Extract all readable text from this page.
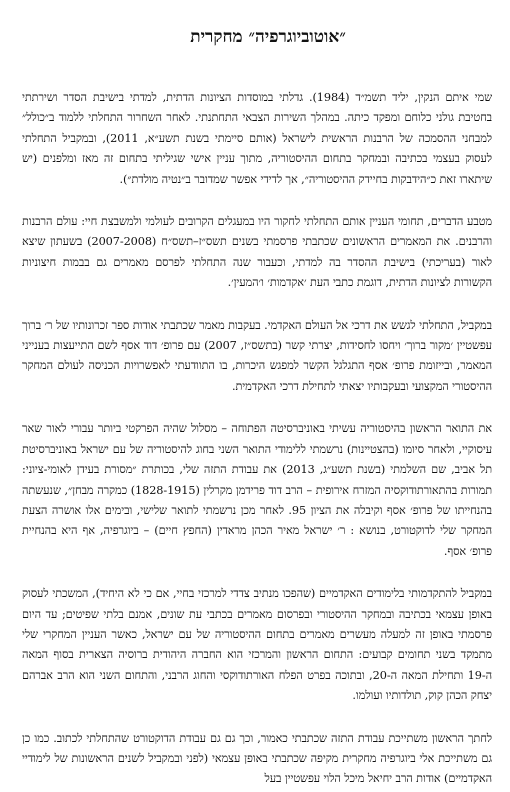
״אוטוביוגרפיה״ מחקרית

שמי איתם הנקין, יליד תשמ״ד (1984). גדלתי במוסדות הציונות הדתית, למדתי בישיבת הסדר ושירתתי בחטיבת גולני כלוחם ומפקד כיתה. במהלך השירות הצבאי התחתנתי. לאחר השחרור התחלתי ללמוד ב״כולל״ למבחני ההסמכה של הרבנות הראשית לישראל (אותם סיימתי בשנת תשע״א, 2011), ובמקביל התחלתי לעסוק בעצמי בכתיבה ובמחקר בתחום ההיסטוריה, מתוך עניין אישי שגיליתי בתחום זה מאז ומלפנים (יש שיתארו זאת כ״הידבקות בחיידק ההיסטוריה״, אך לדידי אפשר שמדובר ב״נטיה מולדת״).

מטבע הדברים, תחומי העניין אותם התחלתי לחקור היו במעגלים הקרובים לעולמי ולמשבצת חיי: עולם הרבנות והרבנים. את המאמרים הראשונים שכתבתי פרסמתי בשנים תשס״ז–תשס״ח (2007-2008) בשעתון שיצא לאור (בעריכתי) בישיבת ההסדר בה למדתי, וכעבור שנה התחלתי לפרסם מאמרים גם בבמות חיצוניות הקשורות לציונות הדתית, דוגמת כתבי העת ׳אקדמות׳ ו׳המעין׳.

במקביל, התחלתי לגשש את דרכי אל העולם האקדמי. בעקבות מאמר שכתבתי אודות ספר זכרונותיו של ר׳ ברוך עפשטיין ׳מקור ברוך׳ ויחסו לחסידות, יצרתי קשר (בתשס״ז, 2007) עם פרופ׳ דוד אסף לשם התייעצות בענייני המאמר, ובייזומת פרופ׳ אסף התגלגל הקשר למפגש היכרות, בו התוודעתי לאפשרויות הכניסה לעולם המחקר ההיסטורי המקצועי ובעקבותיו יצאתי לתחילת דרכי האקדמית.

את התואר הראשון בהיסטוריה עשיתי באוניברסיטה הפתוחה – מסלול שהיה הפרקטי ביותר עבורי לאור שאר עיסוקיי, ולאחר סיומו (בהצטיינות) נרשמתי ללימודי התואר השני בחוג להיסטוריה של עם ישראל באוניברסיטת תל אביב, שם השלמתי (בשנת תשע״ג, 2013) את עבודת התזה שלי, בכותרת ״מסורת בעידן לאומי-ציוני: תמורות בהתאורתודוקסיה המזרח אירופית – הרב דוד פרידמן מקרלין (1828-1915) כמקרה מבחן״, שנעשתה בהנחייתו של פרופ׳ אסף וקיבלה את הציון 95. לאחר מכן נרשמתי לתואר שלישי, ובימים אלו אושרה הצעת המחקר שלי לדוקטורט, בנושא : ר׳ ישראל מאיר הכהן מראדין (החפץ חיים) – ביוגרפיה, אף היא בהנחיית פרופ׳ אסף.

במקביל להתקדמותי בלימודים האקדמיים (שהפכו מנתיב צדדי למרכזי בחיי, אם כי לא היחיד), המשכתי לעסוק באופן עצמאי בכתיבה ובמחקר ההיסטורי ובפרסום מאמרים בכתבי עת שונים, אמנם בלתי שפיטים; עד היום פרסמתי באופן זה למעלה מעשרים מאמרים בתחום ההיסטוריה של עם ישראל, כאשר העניין המחקרי שלי מתמקד בשני תחומים קבועים: התחום הראשון והמרכזי הוא החברה היהודית ברוסיה הצארית בסוף המאה ה-19 ותחילת המאה ה-20, ובתוכה בפרט הפלח האורתודוקסי והחוג הרבני, והתחום השני הוא הרב אברהם יצחק הכהן קוק, תולדותיו ועולמו.

לחתך הראשון משתייכת עבודת התזה שכתבתי כאמור, וכך גם גם עבודת הדוקטורט שהתחלתי לכתוב. כמו כן גם משתייכת אלי ביוגרפיה מחקרית מקיפה שכתבתי באופן עצמאי (לפני ובמקביל לשנים הראשונות של לימודיי האקדמיים) אודות הרב יחיאל מיכל הלוי עפשטיין בעל
